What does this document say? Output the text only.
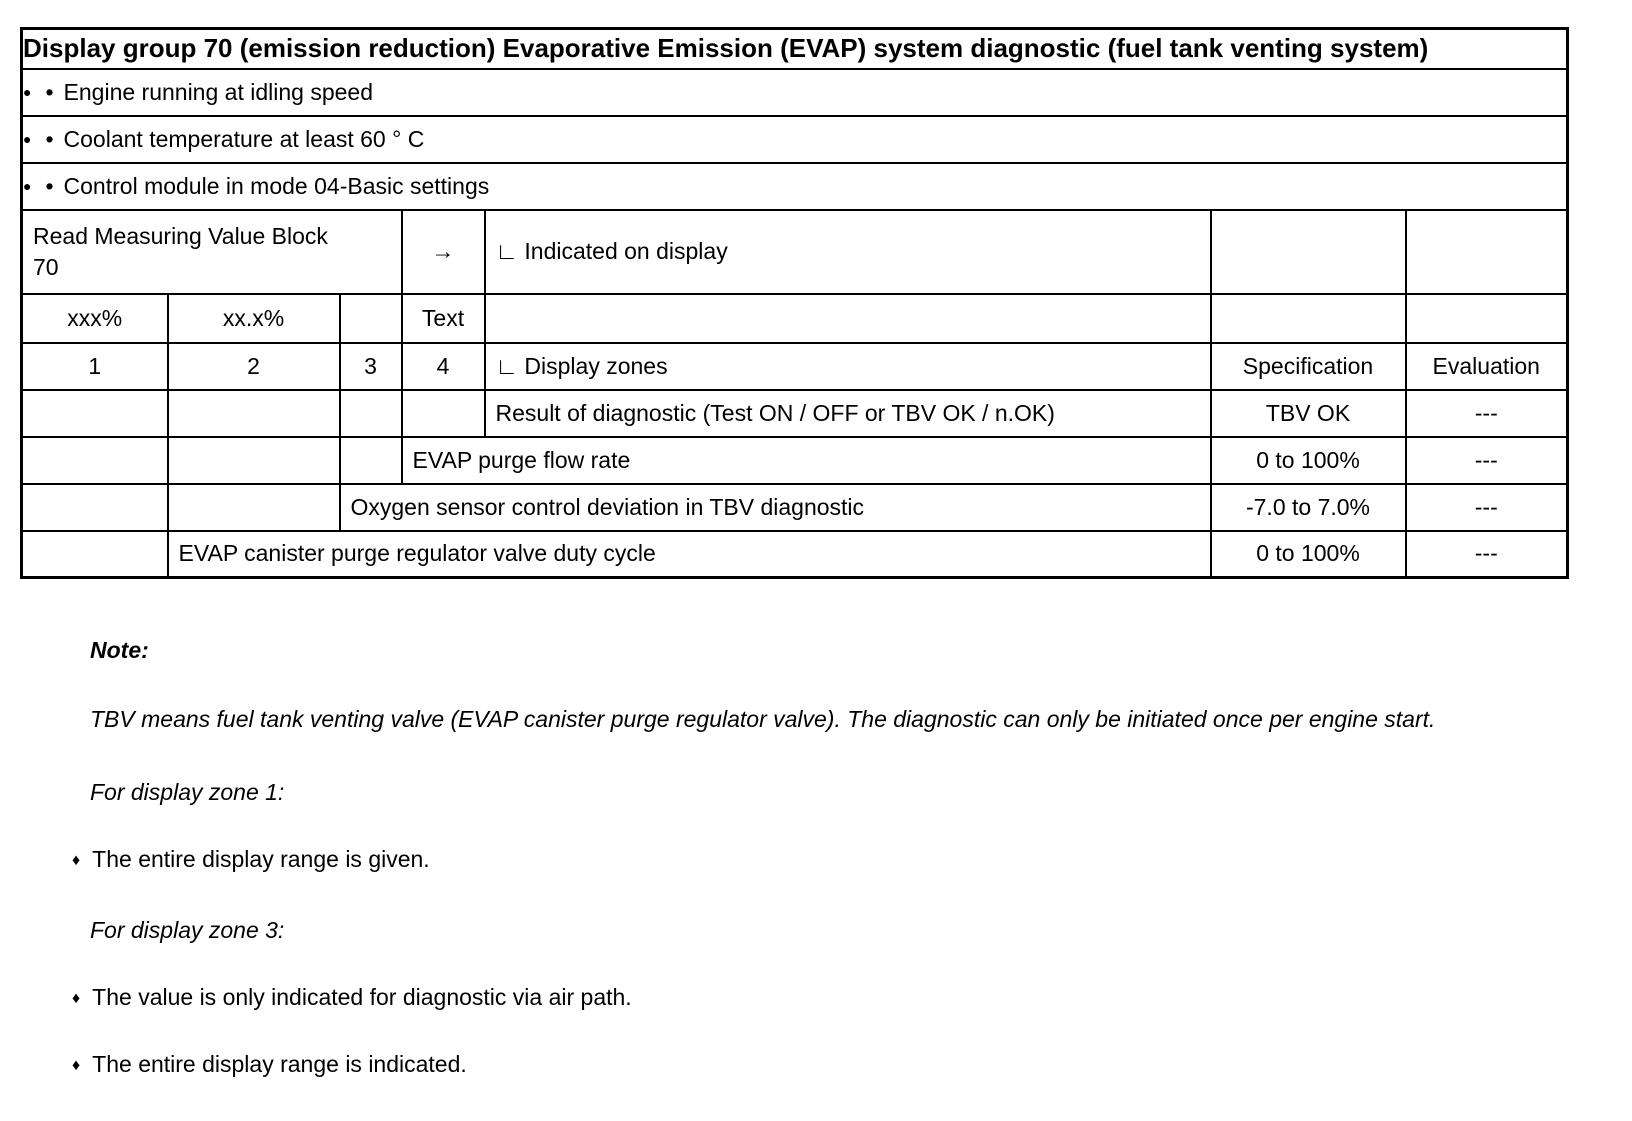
Display group 70 (emission reduction) Evaporative Emission (EVAP) system diagnostic (fuel tank venting system)						
● • Engine running at idling speed						
● • Coolant temperature at least 60 ° C						
● • Control module in mode 04-Basic settings						
Read Measuring Value Block 70			→	∟ Indicated on display		
xxx%	xx.x%		Text			
1	2	3	4	∟ Display zones	Specification	Evaluation
				Result of diagnostic (Test ON / OFF or TBV OK / n.OK)	TBV OK	---
			EVAP purge flow rate		0 to 100%	---
		Oxygen sensor control deviation in TBV diagnostic			-7.0 to 7.0%	---
	EVAP canister purge regulator valve duty cycle				0 to 100%	---

Note:

TBV means fuel tank venting valve (EVAP canister purge regulator valve). The diagnostic can only be initiated once per engine start.

For display zone 1:

♦ The entire display range is given.

For display zone 3:

♦ The value is only indicated for diagnostic via air path.
♦ The entire display range is indicated.
